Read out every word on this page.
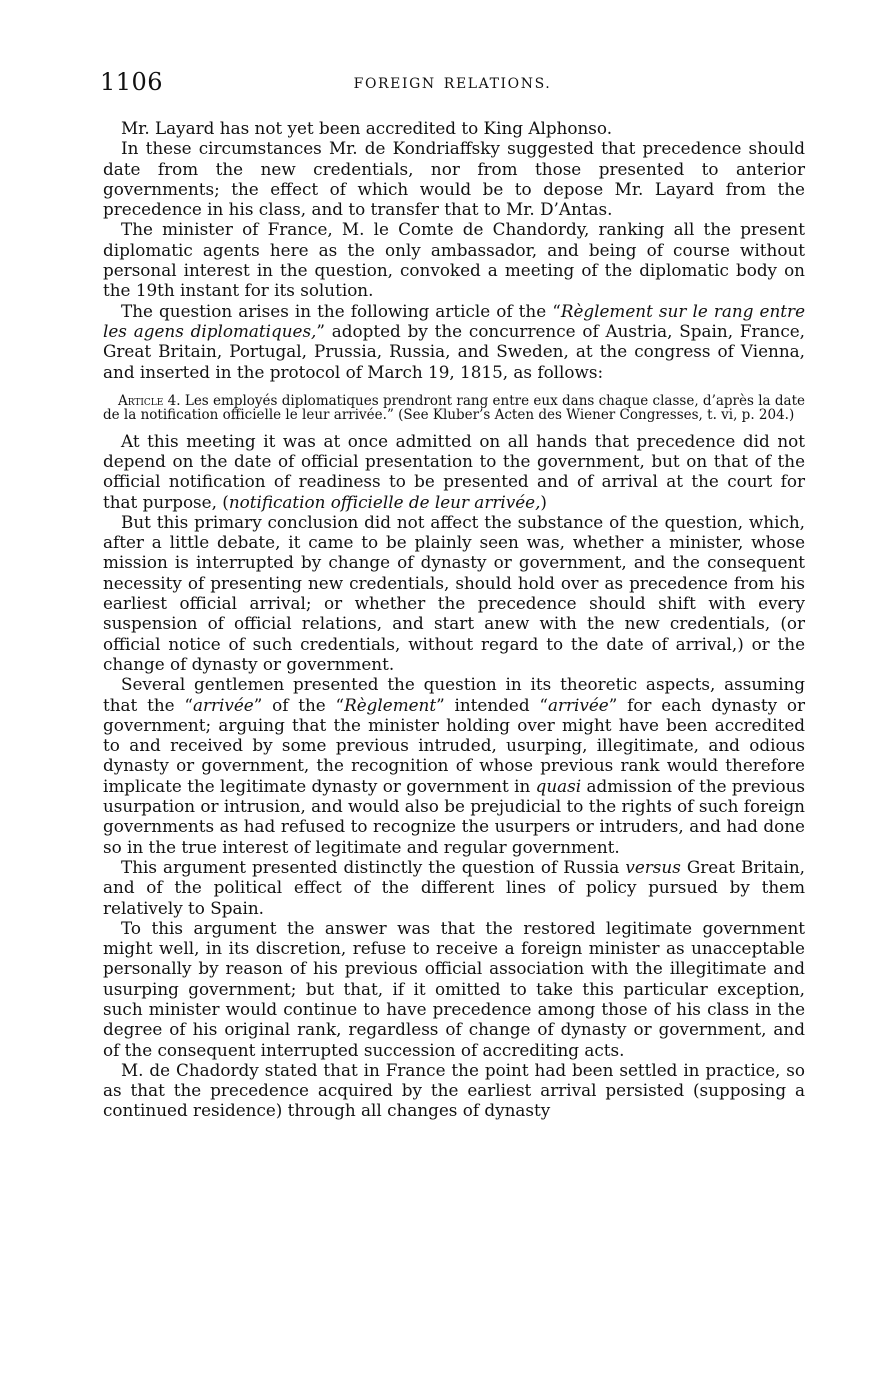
1106	FOREIGN RELATIONS.

Mr. Layard has not yet been accredited to King Alphonso.

In these circumstances Mr. de Kondriaffsky suggested that precedence should date from the new credentials, nor from those presented to anterior governments; the effect of which would be to depose Mr. Layard from the precedence in his class, and to transfer that to Mr. D’Antas.

The minister of France, M. le Comte de Chandordy, ranking all the present diplomatic agents here as the only ambassador, and being of course without personal interest in the question, convoked a meeting of the diplomatic body on the 19th instant for its solution.

The question arises in the following article of the “Règlement sur le rang entre les agens diplomatiques,” adopted by the concurrence of Austria, Spain, France, Great Britain, Portugal, Prussia, Russia, and Sweden, at the congress of Vienna, and inserted in the protocol of March 19, 1815, as follows:

Article 4. Les employés diplomatiques prendront rang entre eux dans chaque classe, d’après la date de la notification officielle le leur arrivée.” (See Kluber’s Acten des Wiener Congresses, t. vi, p. 204.)

At this meeting it was at once admitted on all hands that precedence did not depend on the date of official presentation to the government, but on that of the official notification of readiness to be presented and of arrival at the court for that purpose, (notification officielle de leur arrivée,)

But this primary conclusion did not affect the substance of the question, which, after a little debate, it came to be plainly seen was, whether a minister, whose mission is interrupted by change of dynasty or government, and the consequent necessity of presenting new credentials, should hold over as precedence from his earliest official arrival; or whether the precedence should shift with every suspension of official relations, and start anew with the new credentials, (or official notice of such credentials, without regard to the date of arrival,) or the change of dynasty or government.

Several gentlemen presented the question in its theoretic aspects, assuming that the “arrivée” of the “Règlement” intended “arrivée” for each dynasty or government; arguing that the minister holding over might have been accredited to and received by some previous intruded, usurping, illegitimate, and odious dynasty or government, the recognition of whose previous rank would therefore implicate the legitimate dynasty or government in quasi admission of the previous usurpation or intrusion, and would also be prejudicial to the rights of such foreign governments as had refused to recognize the usurpers or intruders, and had done so in the true interest of legitimate and regular government.

This argument presented distinctly the question of Russia versus Great Britain, and of the political effect of the different lines of policy pursued by them relatively to Spain.

To this argument the answer was that the restored legitimate government might well, in its discretion, refuse to receive a foreign minister as unacceptable personally by reason of his previous official association with the illegitimate and usurping government; but that, if it omitted to take this particular exception, such minister would continue to have precedence among those of his class in the degree of his original rank, regardless of change of dynasty or government, and of the consequent interrupted succession of accrediting acts.

M. de Chadordy stated that in France the point had been settled in practice, so as that the precedence acquired by the earliest arrival persisted (supposing a continued residence) through all changes of dynasty
